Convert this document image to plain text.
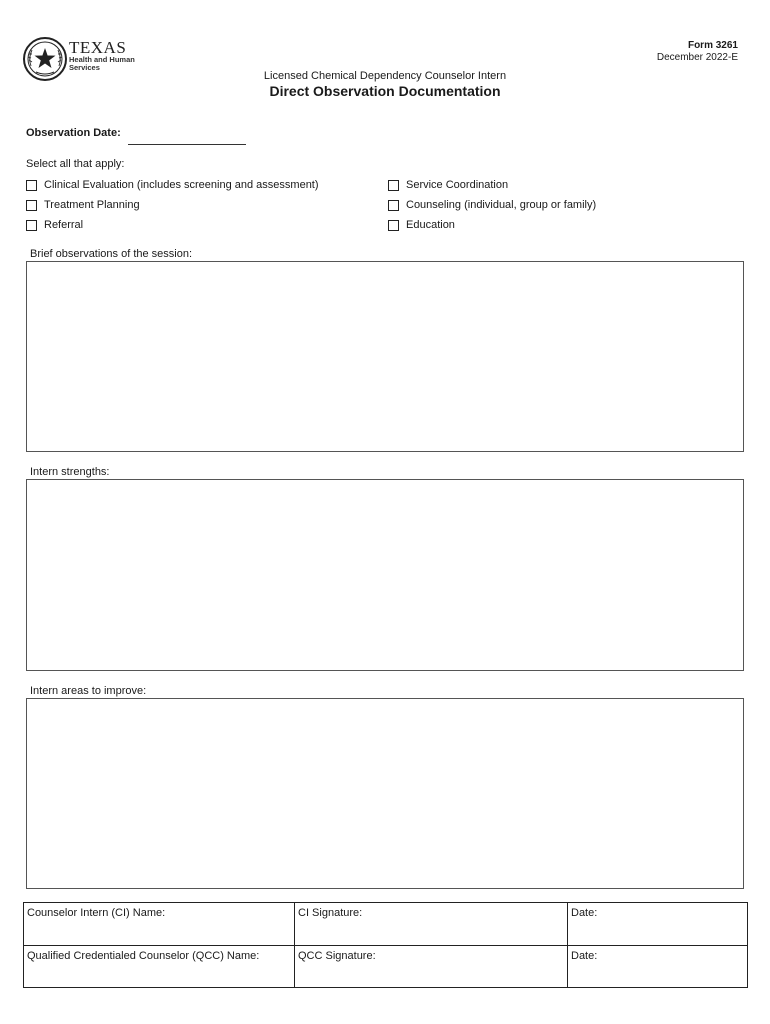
TEXAS
Health and Human
Services
Form 3261
December 2022-E
Licensed Chemical Dependency Counselor Intern
Direct Observation Documentation
Observation Date:
Select all that apply:
Clinical Evaluation (includes screening and assessment)
Treatment Planning
Referral
Service Coordination
Counseling (individual, group or family)
Education
Brief observations of the session:
Intern strengths:
Intern areas to improve:
Counselor Intern (CI) Name:	CI Signature:	Date:
Qualified Credentialed Counselor (QCC) Name:	QCC Signature:	Date:
